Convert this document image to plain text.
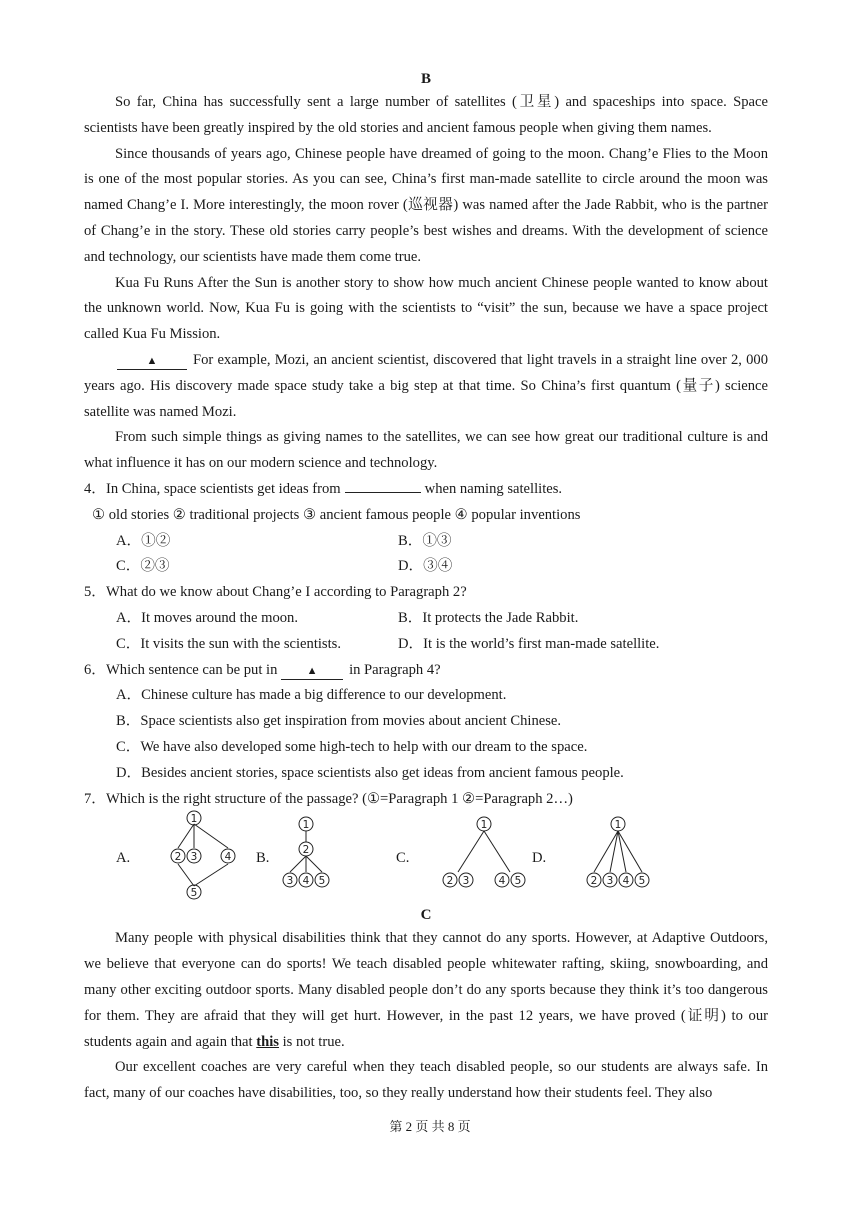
B

So far, China has successfully sent a large number of satellites (卫星) and spaceships into space. Space scientists have been greatly inspired by the old stories and ancient famous people when giving them names.

Since thousands of years ago, Chinese people have dreamed of going to the moon. Chang’e Flies to the Moon is one of the most popular stories. As you can see, China’s first man-made satellite to circle around the moon was named Chang’e I. More interestingly, the moon rover (巡视器) was named after the Jade Rabbit, who is the partner of Chang’e in the story. These old stories carry people’s best wishes and dreams. With the development of science and technology, our scientists have made them come true.

Kua Fu Runs After the Sun is another story to show how much ancient Chinese people wanted to know about the unknown world. Now, Kua Fu is going with the scientists to “visit” the sun, because we have a space project called Kua Fu Mission.

▲ For example, Mozi, an ancient scientist, discovered that light travels in a straight line over 2, 000 years ago. His discovery made space study take a big step at that time. So China’s first quantum (量子) science satellite was named Mozi.

From such simple things as giving names to the satellites, we can see how great our traditional culture is and what influence it has on our modern science and technology.

4．In China, space scientists get ideas from	when naming satellites.

① old stories ② traditional projects ③ ancient famous people ④ popular inventions

A．①②	B．①③
C．②③	D．③④

5．What do we know about Chang’e I according to Paragraph 2?

A．It moves around the moon.	B．It protects the Jade Rabbit.
C．It visits the sun with the scientists.	D．It is the world’s first man-made satellite.

6．Which sentence can be put in	▲ in Paragraph 4?

A．Chinese culture has made a big difference to our development.

B．Space scientists also get inspiration from movies about ancient Chinese.

C．We have also developed some high-tech to help with our dream to the space.

D．Besides ancient stories, space scientists also get ideas from ancient famous people.

7．Which is the right structure of the passage? (①=Paragraph 1 ②=Paragraph 2…)

A.
1
2 3	4
5
B.
1
2
3 4 5
C.
1
2 3	4 5
D.
1
2 3 4 5

C

Many people with physical disabilities think that they cannot do any sports. However, at Adaptive Outdoors, we believe that everyone can do sports! We teach disabled people whitewater rafting, skiing, snowboarding, and many other exciting outdoor sports. Many disabled people don’t do any sports because they think it’s too dangerous for them. They are afraid that they will get hurt. However, in the past 12 years, we have proved (证明) to our students again and again that this is not true.

Our excellent coaches are very careful when they teach disabled people, so our students are always safe. In fact, many of our coaches have disabilities, too, so they really understand how their students feel. They also

第 2 页 共 8 页
